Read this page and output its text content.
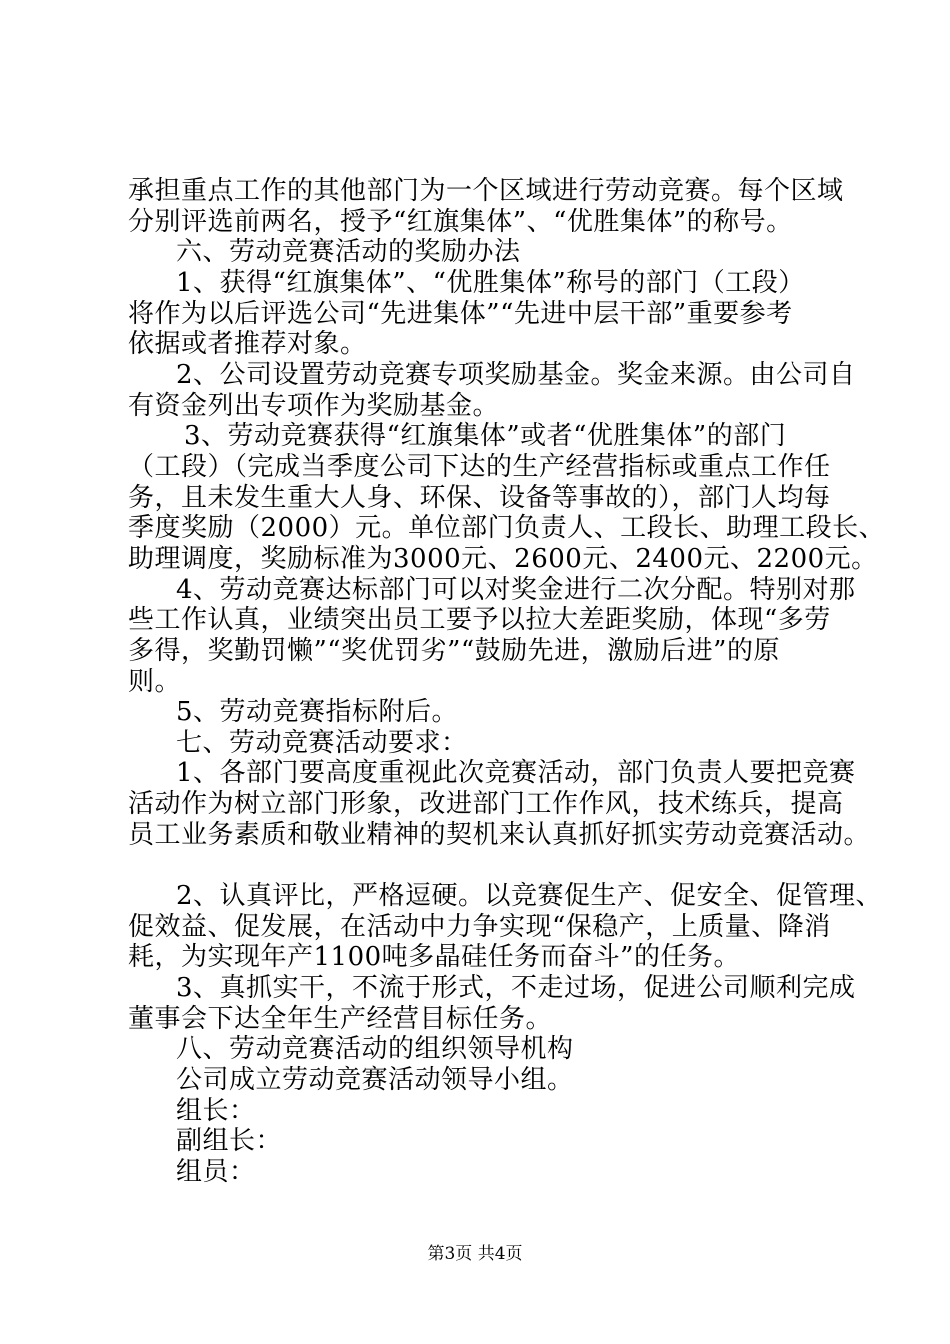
承担重点工作的其他部门为一个区域进行劳动竞赛。每个区域
分别评选前两名，授予“红旗集体”、“优胜集体”的称号。
六、劳动竞赛活动的奖励办法
1、获得“红旗集体”、“优胜集体”称号的部门（工段）
将作为以后评选公司“先进集体”“先进中层干部”重要参考
依据或者推荐对象。
2、公司设置劳动竞赛专项奖励基金。奖金来源。由公司自
有资金列出专项作为奖励基金。
3、劳动竞赛获得“红旗集体”或者“优胜集体”的部门
（工段）（完成当季度公司下达的生产经营指标或重点工作任
务，且未发生重大人身、环保、设备等事故的），部门人均每
季度奖励（2000）元。单位部门负责人、工段长、助理工段长、
助理调度，奖励标准为3000元、2600元、2400元、2200元。
4、劳动竞赛达标部门可以对奖金进行二次分配。特别对那
些工作认真，业绩突出员工要予以拉大差距奖励，体现“多劳
多得，奖勤罚懒”“奖优罚劣”“鼓励先进，激励后进”的原
则。
5、劳动竞赛指标附后。
七、劳动竞赛活动要求：
1、各部门要高度重视此次竞赛活动，部门负责人要把竞赛
活动作为树立部门形象，改进部门工作作风，技术练兵，提高
员工业务素质和敬业精神的契机来认真抓好抓实劳动竞赛活动。
2、认真评比，严格逗硬。以竞赛促生产、促安全、促管理、
促效益、促发展，在活动中力争实现“保稳产，上质量、降消
耗，为实现年产1100吨多晶硅任务而奋斗”的任务。
3、真抓实干，不流于形式，不走过场，促进公司顺利完成
董事会下达全年生产经营目标任务。
八、劳动竞赛活动的组织领导机构
公司成立劳动竞赛活动领导小组。
组长：
副组长：
组员：
第3页 共4页
